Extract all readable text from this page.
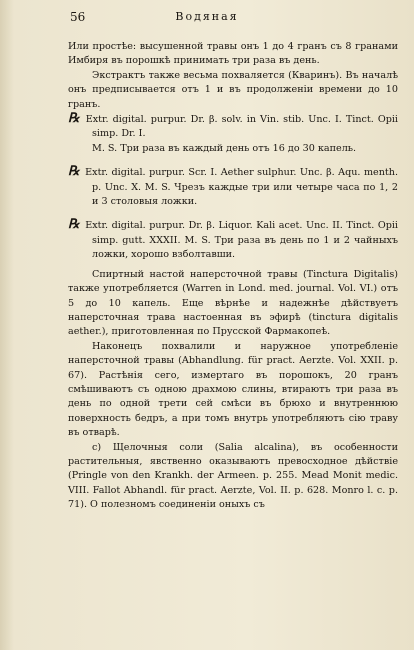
56	Водяная

Или простѣе: высушенной травы онъ 1 до 4 гранъ съ 8 гранами Имбиря въ порошкѣ принимать три раза въ день.

Экстрактъ также весьма похваляется (Кваринъ). Въ началѣ онъ предписывается отъ 1 и въ продолженіи времени до 10 гранъ.

℞ Extr. digital. purpur. Dr. β. solv. in Vin. stib. Unc. I. Tinct. Opii simp. Dr. I.

M. S. Три раза въ каждый день отъ 16 до 30 капель.

℞ Extr. digital. purpur. Scr. I. Aether sulphur. Unc. β. Aqu. menth. p. Unc. X. M. S. Чрезъ каждые три или четыре часа по 1, 2 и 3 столовыя ложки.

℞ Extr. digital. purpur. Dr. β. Liquor. Kali acet. Unc. II. Tinct. Opii simp. gutt. XXXII. M. S. Три раза въ день по 1 и 2 чайныхъ ложки, хорошо взболтавши.

Спиртный настой наперсточной травы (Tinctura Digitalis) также употребляется (Warren in Lond. med. journal. Vol. VI.) отъ 5 до 10 капель. Еще вѣрнѣе и надежнѣе дѣйствуетъ наперсточная трава настоенная въ эфирѣ (tinctura digitalis aether.), приготовленная по Прусской Фармакопеѣ.

Наконецъ похвалили и наружное употребленіе наперсточной травы (Abhandlung. für pract. Aerzte. Vol. XXII. p. 67). Растѣнія сего, измертаго въ порошокъ, 20 гранъ смѣшиваютъ съ одною драхмою слины, втираютъ три раза въ день по одной трети сей смѣси въ брюхо и внутреннюю поверхность бедръ, а при томъ внутрь употребляютъ сію траву въ отварѣ.

c) Щелочныя соли (Salia alcalina), въ особенности растительныя, явственно оказываютъ превосходное дѣйствіе (Pringle von den Krankh. der Armeen. p. 255. Mead Monit medic. VIII. Fallot Abhandl. für pract. Aerzte, Vol. II. p. 628. Monro l. c. p. 71). О полезномъ соединеніи оныхъ съ
